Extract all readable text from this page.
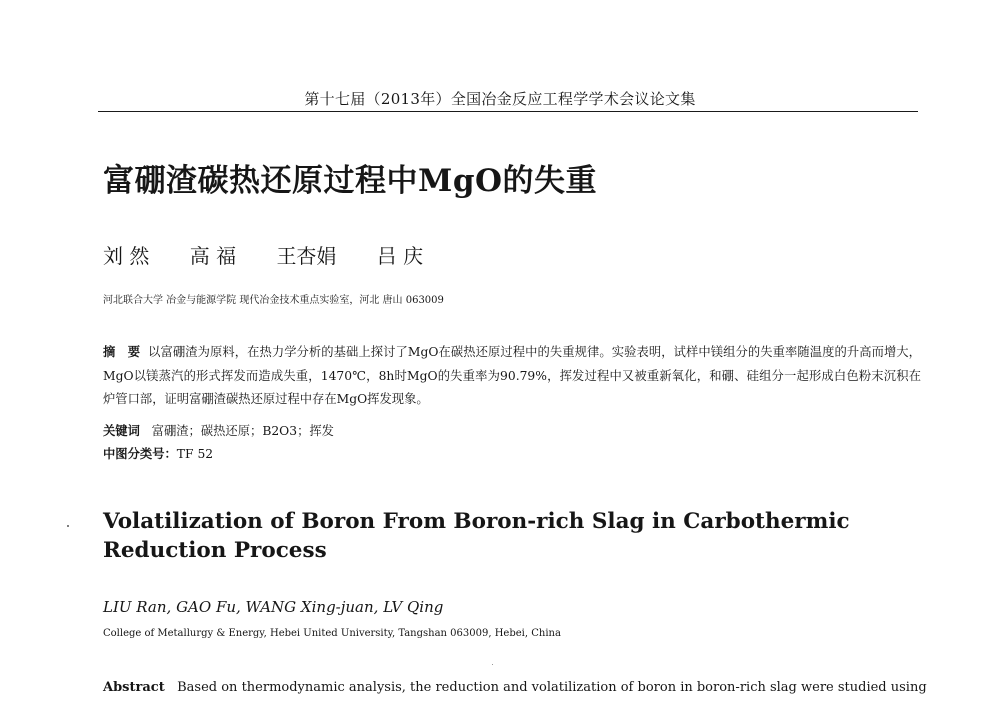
第十七届（2013年）全国冶金反应工程学学术会议论文集
富硼渣碳热还原过程中MgO的失重
刘 然 高 福 王杏娟 吕 庆
河北联合大学 冶金与能源学院 现代冶金技术重点实验室，河北 唐山 063009
摘　要 以富硼渣为原料，在热力学分析的基础上探讨了MgO在碳热还原过程中的失重规律。实验表明，试样中镁组分的失重率随温度的升高而增大，MgO以镁蒸汽的形式挥发而造成失重，1470℃，8h时MgO的失重率为90.79%，挥发过程中又被重新氧化，和硼、硅组分一起形成白色粉末沉积在炉管口部，证明富硼渣碳热还原过程中存在MgO挥发现象。
关键词 富硼渣；碳热还原；B2O3；挥发
中图分类号：TF 52
Volatilization of Boron From Boron-rich Slag in Carbothermic Reduction Process
LIU Ran, GAO Fu, WANG Xing-juan, LV Qing
College of Metallurgy & Energy, Hebei United University, Tangshan 063009, Hebei, China
Abstract Based on thermodynamic analysis, the reduction and volatilization of boron in boron-rich slag were studied using
